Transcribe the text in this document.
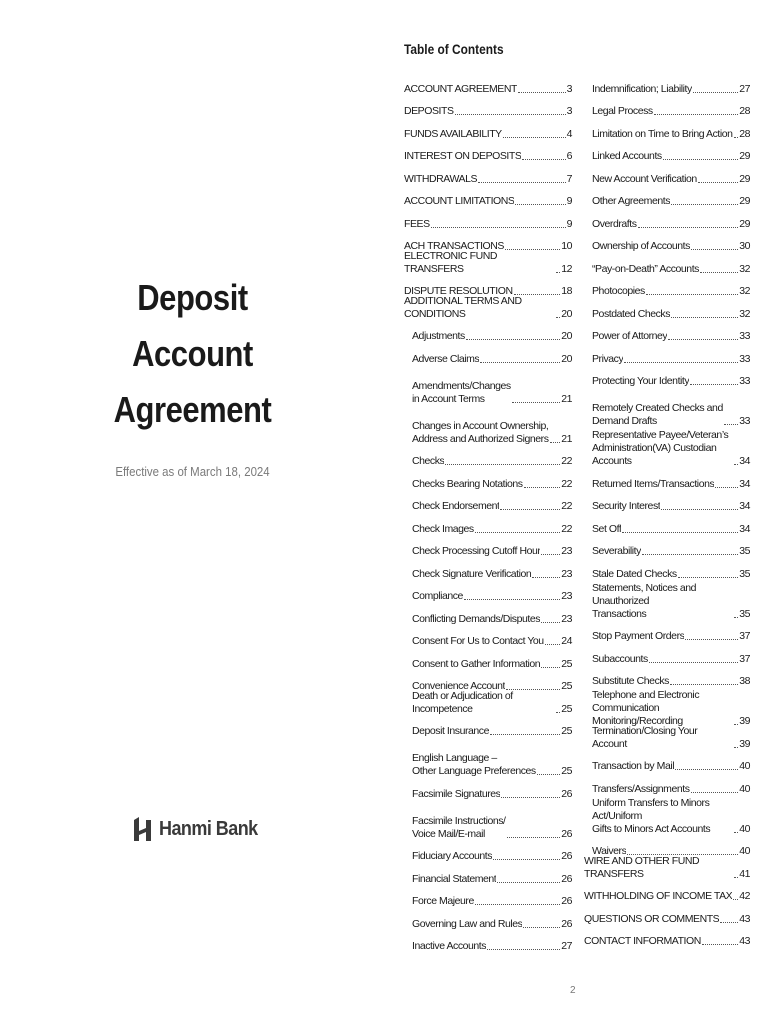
Deposit Account
Agreement
Effective as of March 18, 2024
Hanmi Bank
Table of Contents
ACCOUNT AGREEMENT	3
DEPOSITS	3
FUNDS AVAILABILITY	4
INTEREST ON DEPOSITS	6
WITHDRAWALS	7
ACCOUNT LIMITATIONS	9
FEES	9
ACH TRANSACTIONS	10
ELECTRONIC FUND TRANSFERS	12
DISPUTE RESOLUTION	18
ADDITIONAL TERMS AND CONDITIONS	20
Adjustments	20
Adverse Claims	20
Amendments/Changes
in Account Terms	21
Changes in Account Ownership,
Address and Authorized Signers 21
Checks	22
Checks Bearing Notations	22
Check Endorsement	22
Check Images	22
Check Processing Cutoff Hour 23
Check Signature Verification	23
Compliance	23
Conflicting Demands/Disputes 23
Consent For Us to Contact You 24
Consent to Gather Information 25
Convenience Account	25
Death or Adjudication of Incompetence	25
Deposit Insurance	25
English Language –
Other Language Preferences 25
Facsimile Signatures	26
Facsimile Instructions/
Voice Mail/E-mail	26
Fiduciary Accounts	26
Financial Statement	26
Force Majeure	26
Governing Law and Rules	26
Inactive Accounts	27
Indemnification; Liability	27
Legal Process	28
Limitation on Time to Bring Action 28
Linked Accounts	29
New Account Verification	29
Other Agreements	29
Overdrafts	29
Ownership of Accounts	30
“Pay-on-Death” Accounts	32
Photocopies	32
Postdated Checks	32
Power of Attorney	33
Privacy	33
Protecting Your Identity	33
Remotely Created Checks and
Demand Drafts	33
Representative Payee/Veteran’s
Administration(VA) Custodian Accounts	34
Returned Items/Transactions 34
Security Interest	34
Set Off	34
Severability	35
Stale Dated Checks	35
Statements, Notices and Unauthorized
Transactions	35
Stop Payment Orders	37
Subaccounts	37
Substitute Checks	38
Telephone and Electronic Communication
Monitoring/Recording	39
Termination/Closing Your Account	39
Transaction by Mail	40
Transfers/Assignments	40
Uniform Transfers to Minors Act/Uniform
Gifts to Minors Act Accounts	40
Waivers	40
WIRE AND OTHER FUND TRANSFERS	41
WITHHOLDING OF INCOME TAX 42
QUESTIONS OR COMMENTS 43
CONTACT INFORMATION	43
2
